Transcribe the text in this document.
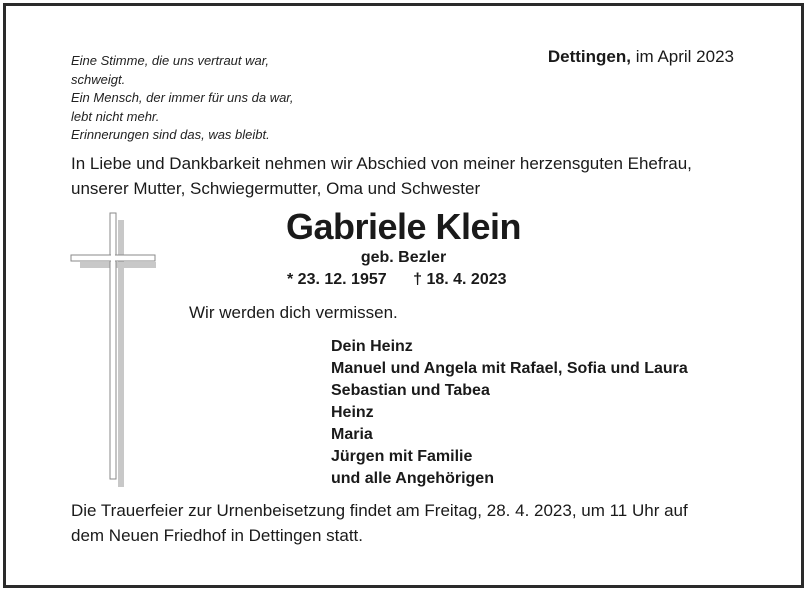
Eine Stimme, die uns vertraut war,
schweigt.
Ein Mensch, der immer für uns da war,
lebt nicht mehr.
Erinnerungen sind das, was bleibt.
Dettingen, im April 2023
In Liebe und Dankbarkeit nehmen wir Abschied von meiner herzensguten Ehefrau,
unserer Mutter, Schwiegermutter, Oma und Schwester
Gabriele Klein
geb. Bezler
* 23. 12. 1957 † 18. 4. 2023
Wir werden dich vermissen.
Dein Heinz
Manuel und Angela mit Rafael, Sofia und Laura
Sebastian und Tabea
Heinz
Maria
Jürgen mit Familie
und alle Angehörigen
Die Trauerfeier zur Urnenbeisetzung findet am Freitag, 28. 4. 2023, um 11 Uhr auf
dem Neuen Friedhof in Dettingen statt.
